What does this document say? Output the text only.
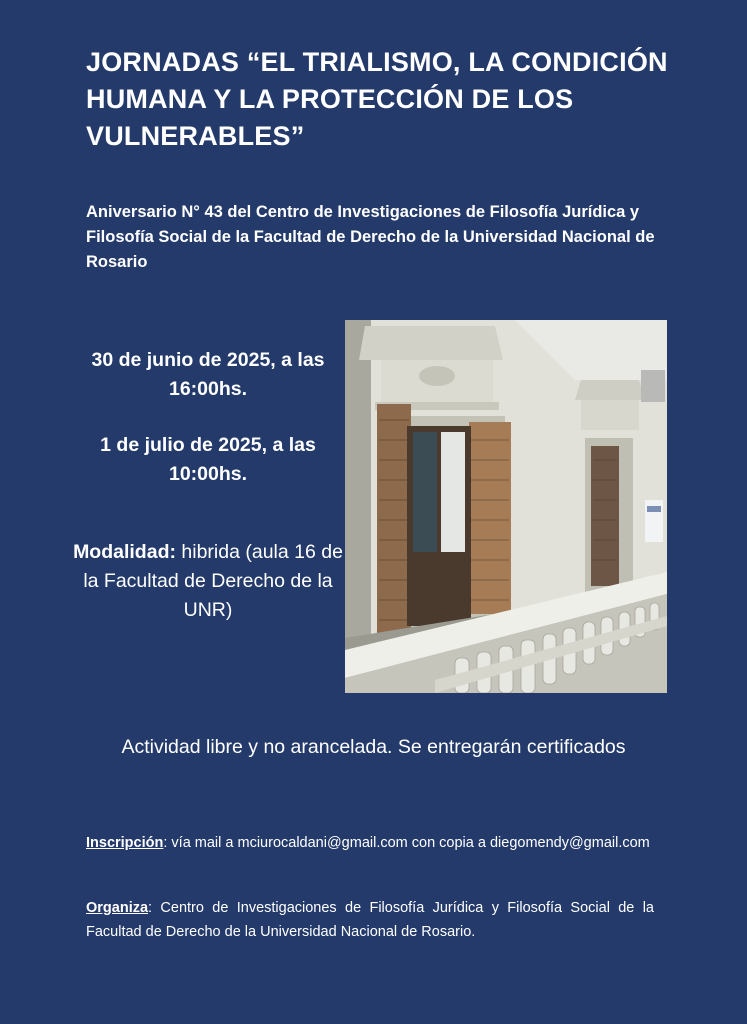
JORNADAS “EL TRIALISMO, LA CONDICIÓN HUMANA Y LA PROTECCIÓN DE LOS VULNERABLES”

Aniversario N° 43 del Centro de Investigaciones de Filosofía Jurídica y Filosofía Social de la Facultad de Derecho de la Universidad Nacional de Rosario

30 de junio de 2025, a las 16:00hs.

1 de julio de 2025, a las 10:00hs.

Modalidad: hibrida (aula 16 de la Facultad de Derecho de la UNR)

Actividad libre y no arancelada. Se entregarán certificados

Inscripción: vía mail a mciurocaldani@gmail.com con copia a diegomendy@gmail.com

Organiza: Centro de Investigaciones de Filosofía Jurídica y Filosofía Social de la Facultad de Derecho de la Universidad Nacional de Rosario.
